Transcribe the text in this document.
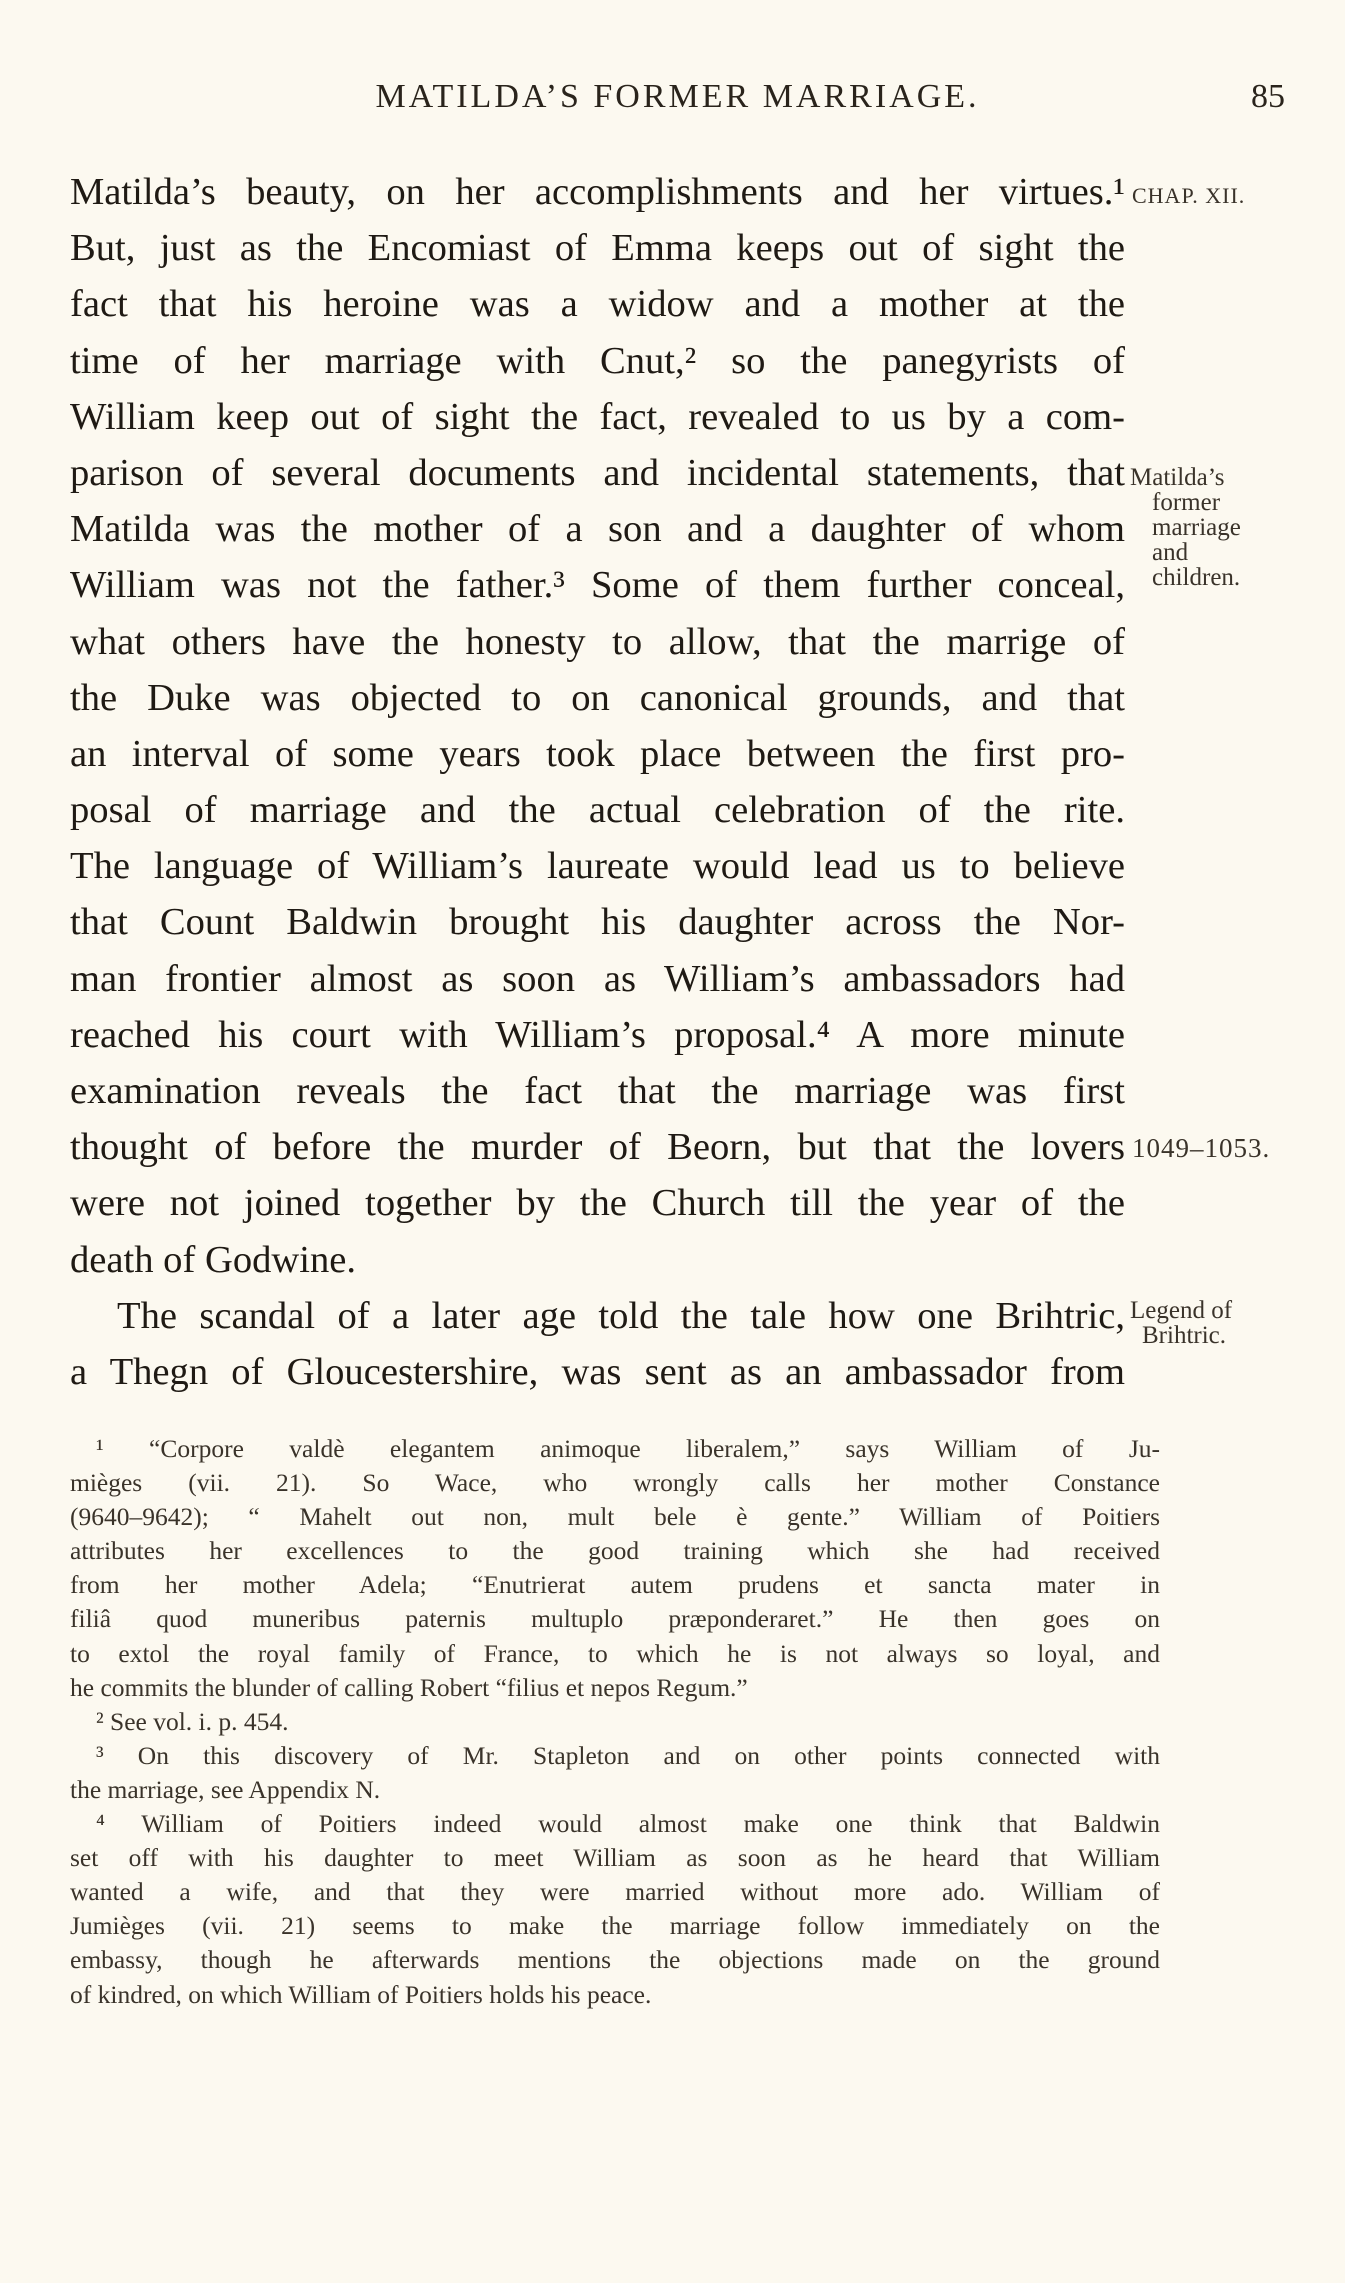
MATILDA’S FORMER MARRIAGE.	85
Matilda’s beauty, on her accomplishments and her virtues.¹
But, just as the Encomiast of Emma keeps out of sight the
fact that his heroine was a widow and a mother at the
time of her marriage with Cnut,² so the panegyrists of
William keep out of sight the fact, revealed to us by a com-
parison of several documents and incidental statements, that
Matilda was the mother of a son and a daughter of whom
William was not the father.³ Some of them further conceal,
what others have the honesty to allow, that the marrige of
the Duke was objected to on canonical grounds, and that
an interval of some years took place between the first pro-
posal of marriage and the actual celebration of the rite.
The language of William’s laureate would lead us to believe
that Count Baldwin brought his daughter across the Nor-
man frontier almost as soon as William’s ambassadors had
reached his court with William’s proposal.⁴ A more minute
examination reveals the fact that the marriage was first
thought of before the murder of Beorn, but that the lovers
were not joined together by the Church till the year of the
death of Godwine.
The scandal of a later age told the tale how one Brihtric,
a Thegn of Gloucestershire, was sent as an ambassador from
CHAP. XII.
Matilda’s
former
marriage
and
children.
1049–1053.
Legend of
Brihtric.
¹ “Corpore valdè elegantem animoque liberalem,” says William of Ju-
mièges (vii. 21). So Wace, who wrongly calls her mother Constance
(9640–9642); “ Mahelt out non, mult bele è gente.” William of Poitiers
attributes her excellences to the good training which she had received
from her mother Adela; “Enutrierat autem prudens et sancta mater in
filiâ quod muneribus paternis multuplo præponderaret.” He then goes on
to extol the royal family of France, to which he is not always so loyal, and
he commits the blunder of calling Robert “filius et nepos Regum.”
² See vol. i. p. 454.
³ On this discovery of Mr. Stapleton and on other points connected with
the marriage, see Appendix N.
⁴ William of Poitiers indeed would almost make one think that Baldwin
set off with his daughter to meet William as soon as he heard that William
wanted a wife, and that they were married without more ado. William of
Jumièges (vii. 21) seems to make the marriage follow immediately on the
embassy, though he afterwards mentions the objections made on the ground
of kindred, on which William of Poitiers holds his peace.
